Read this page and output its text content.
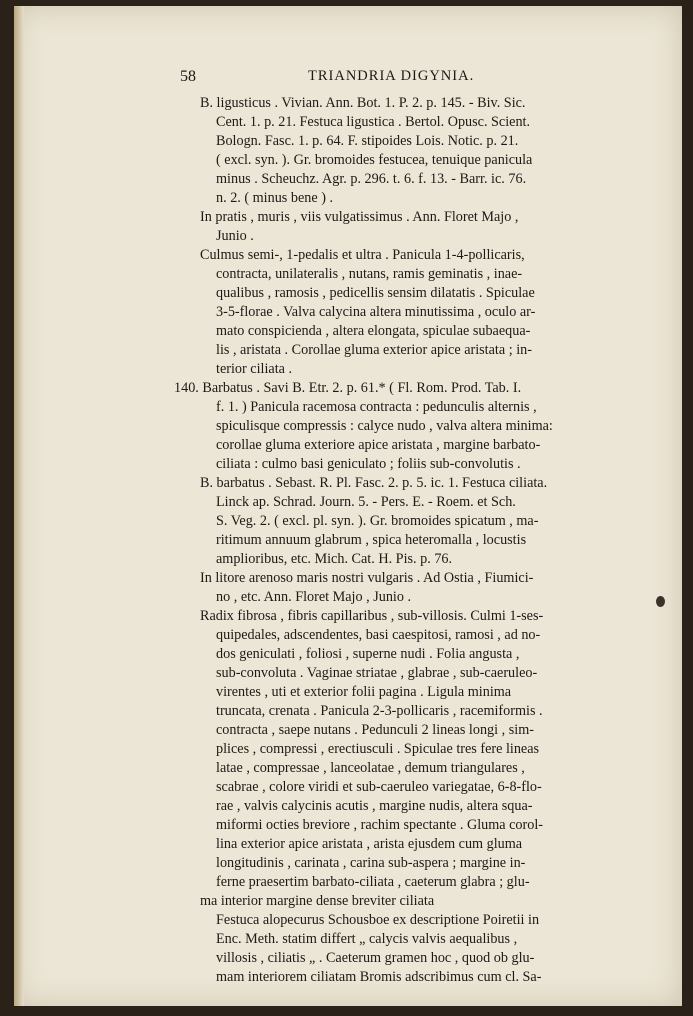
58	TRIANDRIA DIGYNIA.
B. ligusticus . Vivian. Ann. Bot. 1. P. 2. p. 145. - Biv. Sic.
Cent. 1. p. 21. Festuca ligustica . Bertol. Opusc. Scient.
Bologn. Fasc. 1. p. 64. F. stipoides Lois. Notic. p. 21.
( excl. syn. ). Gr. bromoides festucea, tenuique panicula
minus . Scheuchz. Agr. p. 296. t. 6. f. 13. - Barr. ic. 76.
n. 2. ( minus bene ) .
In pratis , muris , viis vulgatissimus . Ann. Floret Majo ,
Junio .
Culmus semi-, 1-pedalis et ultra . Panicula 1-4-pollicaris,
contracta, unilateralis , nutans, ramis geminatis , inae-
qualibus , ramosis , pedicellis sensim dilatatis . Spiculae
3-5-florae . Valva calycina altera minutissima , oculo ar-
mato conspicienda , altera elongata, spiculae subaequa-
lis , aristata . Corollae gluma exterior apice aristata ; in-
terior ciliata .
140. Barbatus . Savi B. Etr. 2. p. 61.* ( Fl. Rom. Prod. Tab. I.
f. 1. ) Panicula racemosa contracta : pedunculis alternis ,
spiculisque compressis : calyce nudo , valva altera minima:
corollae gluma exteriore apice aristata , margine barbato-
ciliata : culmo basi geniculato ; foliis sub-convolutis .
B. barbatus . Sebast. R. Pl. Fasc. 2. p. 5. ic. 1. Festuca ciliata.
Linck ap. Schrad. Journ. 5. - Pers. E. - Roem. et Sch.
S. Veg. 2. ( excl. pl. syn. ). Gr. bromoides spicatum , ma-
ritimum annuum glabrum , spica heteromalla , locustis
amplioribus, etc. Mich. Cat. H. Pis. p. 76.
In litore arenoso maris nostri vulgaris . Ad Ostia , Fiumici-
no , etc. Ann. Floret Majo , Junio .
Radix fibrosa , fibris capillaribus , sub-villosis. Culmi 1-ses-
quipedales, adscendentes, basi caespitosi, ramosi , ad no-
dos geniculati , foliosi , superne nudi . Folia angusta ,
sub-convoluta . Vaginae striatae , glabrae , sub-caeruleo-
virentes , uti et exterior folii pagina . Ligula minima
truncata, crenata . Panicula 2-3-pollicaris , racemiformis .
contracta , saepe nutans . Pedunculi 2 lineas longi , sim-
plices , compressi , erectiusculi . Spiculae tres fere lineas
latae , compressae , lanceolatae , demum triangulares ,
scabrae , colore viridi et sub-caeruleo variegatae, 6-8-flo-
rae , valvis calycinis acutis , margine nudis, altera squa-
miformi octies breviore , rachim spectante . Gluma corol-
lina exterior apice aristata , arista ejusdem cum gluma
longitudinis , carinata , carina sub-aspera ; margine in-
ferne praesertim barbato-ciliata , caeterum glabra ; glu-
ma interior margine dense breviter ciliata
Festuca alopecurus Schousboe ex descriptione Poiretii in
Enc. Meth. statim differt „ calycis valvis aequalibus ,
villosis , ciliatis „ . Caeterum gramen hoc , quod ob glu-
mam interiorem ciliatam Bromis adscribimus cum cl. Sa-
